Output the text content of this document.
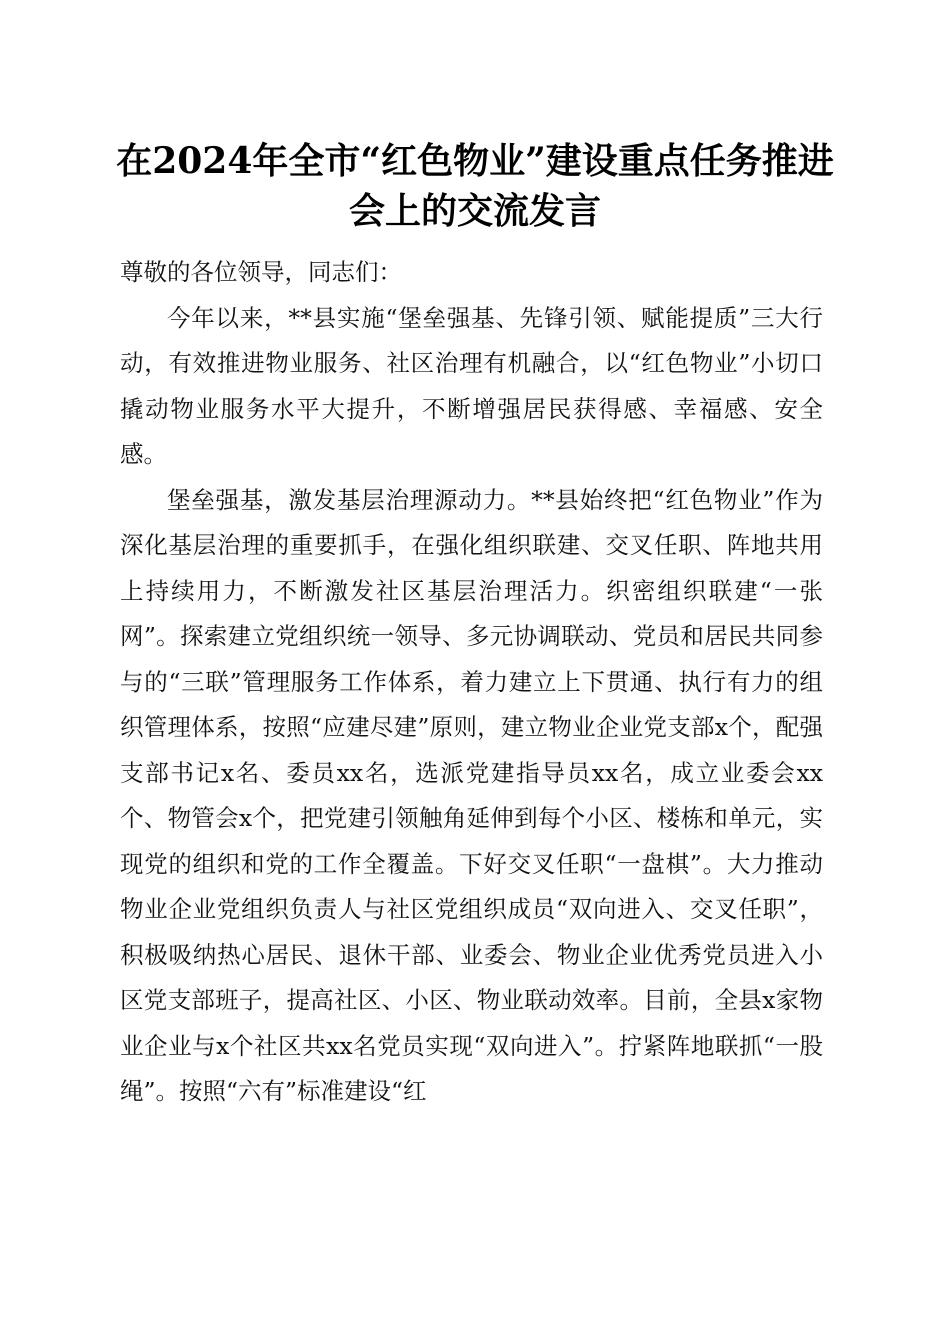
在2024年全市“红色物业”建设重点任务推进会上的交流发言

尊敬的各位领导，同志们：

今年以来，**县实施“堡垒强基、先锋引领、赋能提质”三大行动，有效推进物业服务、社区治理有机融合，以“红色物业”小切口撬动物业服务水平大提升，不断增强居民获得感、幸福感、安全感。

堡垒强基，激发基层治理源动力。**县始终把“红色物业”作为深化基层治理的重要抓手，在强化组织联建、交叉任职、阵地共用上持续用力，不断激发社区基层治理活力。织密组织联建“一张网”。探索建立党组织统一领导、多元协调联动、党员和居民共同参与的“三联”管理服务工作体系，着力建立上下贯通、执行有力的组织管理体系，按照“应建尽建”原则，建立物业企业党支部x个，配强支部书记x名、委员xx名，选派党建指导员xx名，成立业委会xx个、物管会x个，把党建引领触角延伸到每个小区、楼栋和单元，实现党的组织和党的工作全覆盖。下好交叉任职“一盘棋”。大力推动物业企业党组织负责人与社区党组织成员“双向进入、交叉任职”，积极吸纳热心居民、退休干部、业委会、物业企业优秀党员进入小区党支部班子，提高社区、小区、物业联动效率。目前，全县x家物业企业与x个社区共xx名党员实现“双向进入”。拧紧阵地联抓“一股绳”。按照“六有”标准建设“红
